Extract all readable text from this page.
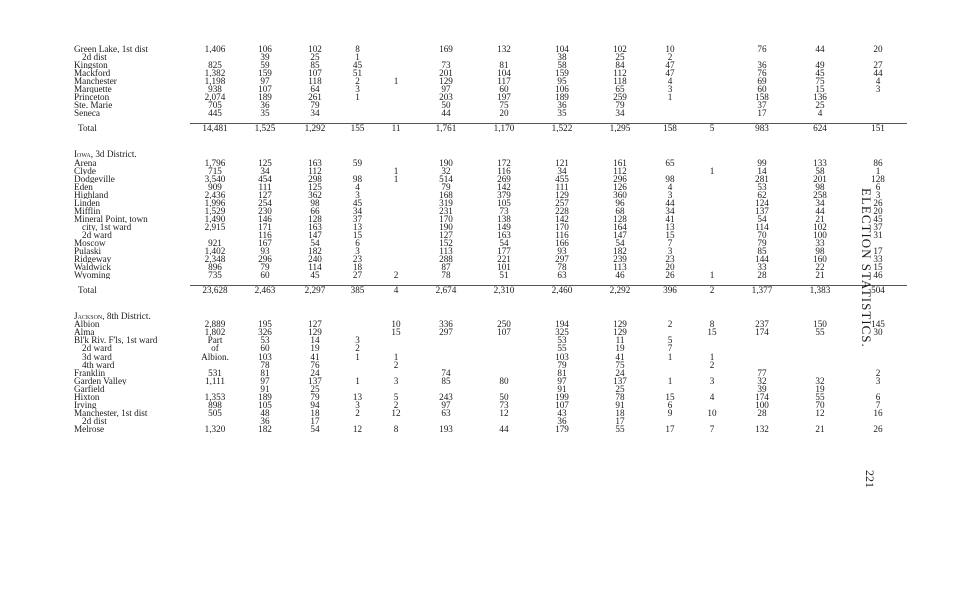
Green Lake, 1st dist	1,406	106	102	8		169	132	104	102	10		76	44	20
2d dist		39	25	1				38	25	2				
Kingston	825	59	85	45		73	81	58	84	47		36	49	27
Mackford	1,382	159	107	51		201	104	159	112	47		76	45	44
Manchester	1,198	97	118	2	1	129	117	95	118	4		69	75	4
Marquette	938	107	64	3		97	60	106	65	3		60	15	3
Princeton	2,074	189	261	1		203	197	189	259	1		158	136	
Ste. Marie	705	36	79			50	75	36	79			37	25	
Seneca	445	35	34			44	20	35	34			17	4	

Total	14,481	1,525	1,292	155	11	1,761	1,170	1,522	1,295	158	5	983	624	151

Iowa, 3d District.														
Arena	1,796	125	163	59		190	172	121	161	65		99	133	86
Clyde	715	34	112		1	32	116	34	112		1	14	58	1
Dodgeville	3,540	454	298	98	1	514	269	455	296	98		281	201	128
Eden	909	111	125	4		79	142	111	126	4		53	98	6
Highland	2,436	127	362	3		168	379	129	360	3		62	258	3
Linden	1,996	254	98	45		319	105	257	96	44		124	34	26
Mifflin	1,529	230	66	34		231	73	228	68	34		137	44	20
Mineral Point, town	1,490	146	128	37		170	138	142	128	41		54	21	45
city, 1st ward	2,915	171	163	13		190	149	170	164	13		114	102	37
2d ward		116	147	15		127	163	116	147	15		70	100	31
Moscow	921	167	54	6		152	54	166	54	7		79	33	
Pulaski	1,402	93	182	3		113	177	93	182	3		85	98	17
Ridgeway	2,348	296	240	23		288	221	297	239	23		144	160	33
Waldwick	896	79	114	18		87	101	78	113	20		33	22	15
Wyoming	735	60	45	27	2	78	51	63	46	26	1	28	21	46

Total	23,628	2,463	2,297	385	4	2,674	2,310	2,460	2,292	396	2	1,377	1,383	504

Jackson, 8th District.														
Albion	2,889	195	127		10	336	250	194	129	2	8	237	150	145
Alma	1,802	326	129		15	297	107	325	129		15	174	55	30
Bl'k Riv. F'ls, 1st ward	Part	53	14	3				53	11	5				
2d ward	of	60	19	2				55	19	7				
3d ward	Albion.	103	41	1	1			103	41	1	1			
4th ward		78	76		2			79	75		2			
Franklin	531	81	24			74		81	24			77		2
Garden Valley	1,111	97	137	1	3	85	80	97	137	1	3	32	32	3
Garfield		91	25					91	25			39	19	
Hixton	1,353	189	79	13	5	243	50	199	78	15	4	174	55	6
Irving	898	105	94	3	2	97	73	107	91	6		100	70	7
Manchester, 1st dist	505	48	18	2	12	63	12	43	18	9	10	28	12	16
2d dist		36	17					36	17					
Melrose	1,320	182	54	12	8	193	44	179	55	17	7	132	21	26
ELECTION STATISTICS.
221
